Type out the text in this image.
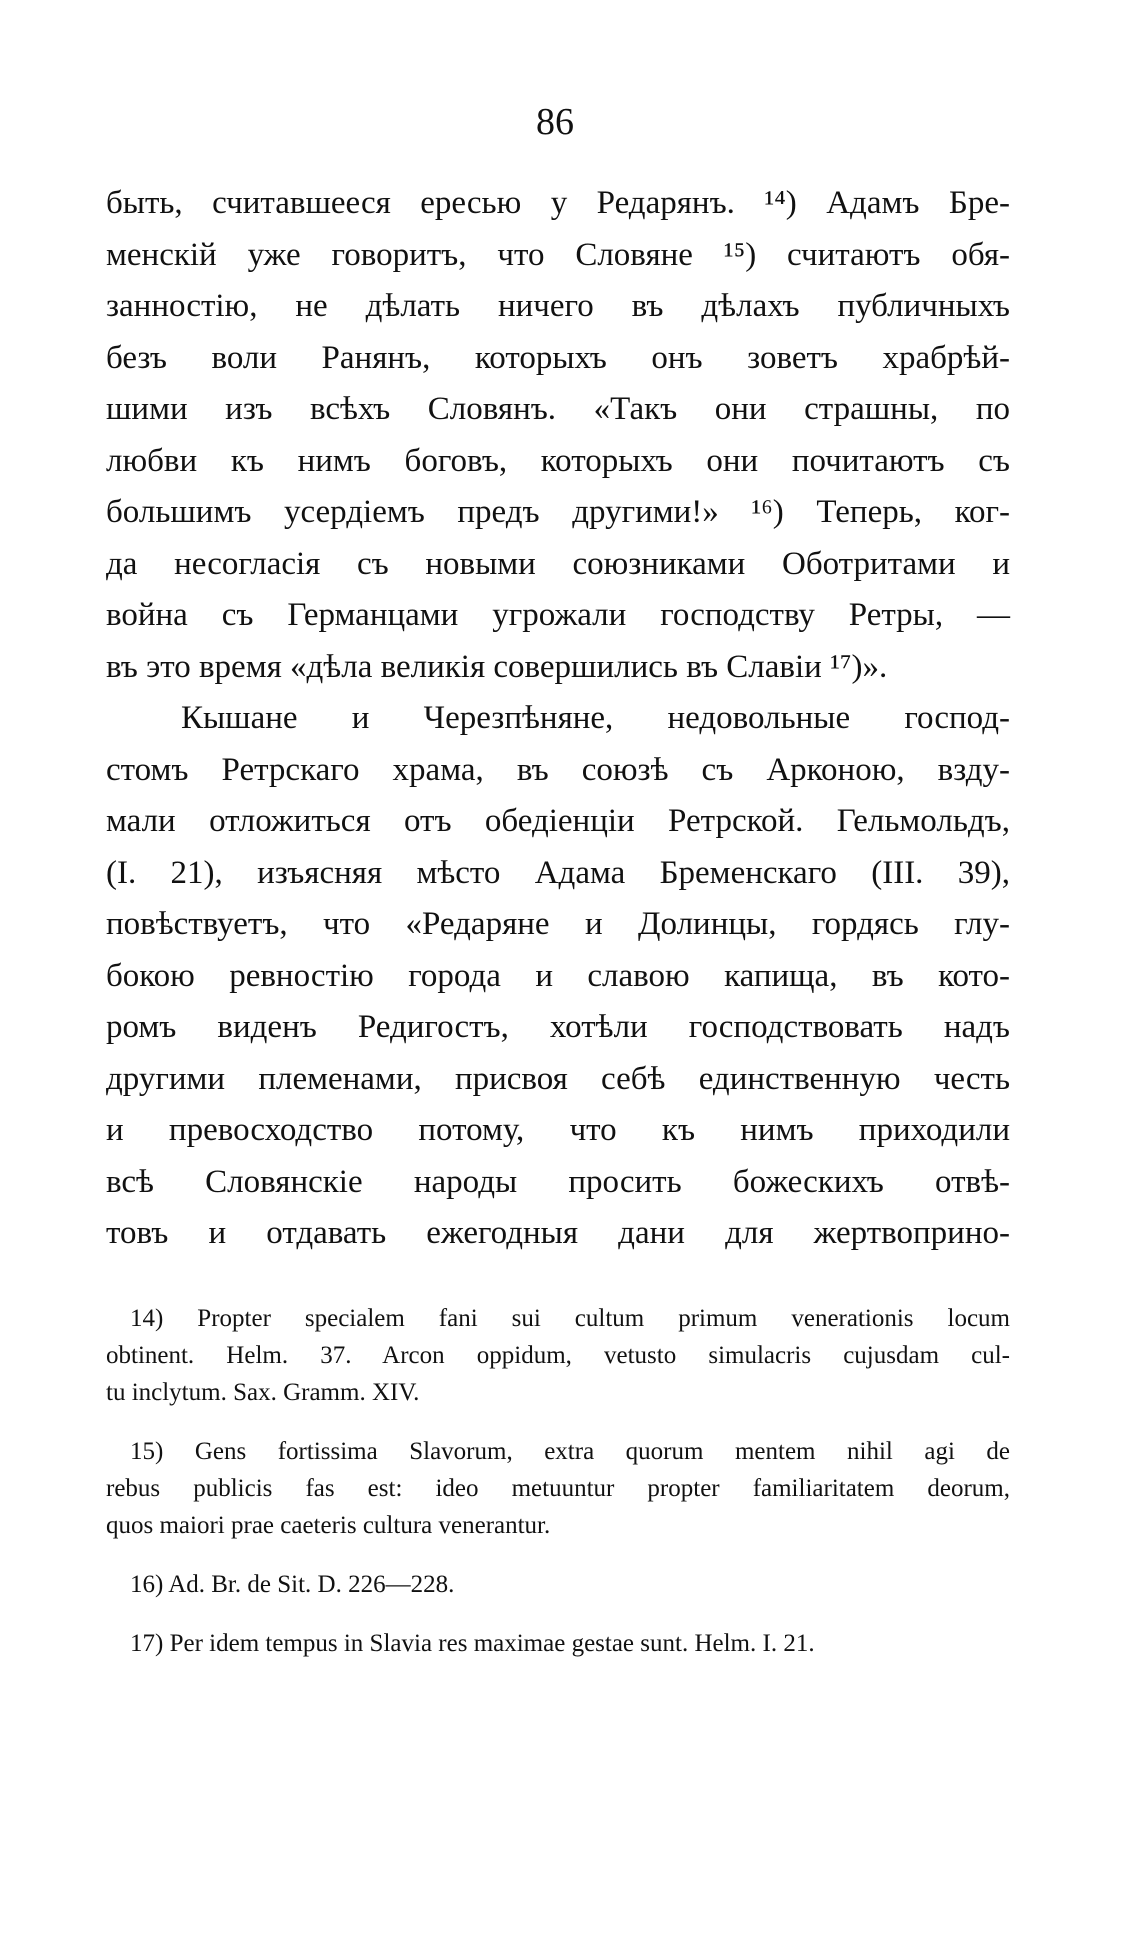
86
быть, считавшееся ересью у Редарянъ. ¹⁴) Адамъ Бре-
менскій уже говоритъ, что Словяне ¹⁵) считаютъ обя-
занностію, не дѣлать ничего въ дѣлахъ публичныхъ
безъ воли Ранянъ, которыхъ онъ зоветъ храбрѣй-
шими изъ всѣхъ Словянъ. «Такъ они страшны, по
любви къ нимъ боговъ, которыхъ они почитаютъ съ
большимъ усердіемъ предъ другими!» ¹⁶) Теперь, ког-
да несогласія съ новыми союзниками Оботритами и
война съ Германцами угрожали господству Ретры, —
въ это время «дѣла великія совершились въ Славіи ¹⁷)».
Кышане и Черезпѣняне, недовольные господ-
стомъ Ретрскаго храма, въ союзѣ съ Арконою, взду-
мали отложиться отъ обедіенціи Ретрской. Гельмольдъ,
(I. 21), изъясняя мѣсто Адама Бременскаго (III. 39),
повѣствуетъ, что «Редаряне и Долинцы, гордясь глу-
бокою ревностію города и славою капища, въ кото-
ромъ виденъ Редигостъ, хотѣли господствовать надъ
другими племенами, присвоя себѣ единственную честь
и превосходство потому, что къ нимъ приходили
всѣ Словянскіе народы просить божескихъ отвѣ-
товъ и отдавать ежегодныя дани для жертвоприно-
14) Propter specialem fani sui cultum primum venerationis locum
obtinent. Helm. 37. Arcon oppidum, vetusto simulacris cujusdam cul-
tu inclytum. Sax. Gramm. XIV.
15) Gens fortissima Slavorum, extra quorum mentem nihil agi de
rebus publicis fas est: ideo metuuntur propter familiaritatem deorum,
quos maiori prae caeteris cultura venerantur.
16) Ad. Br. de Sit. D. 226—228.
17) Per idem tempus in Slavia res maximae gestae sunt. Helm. I. 21.
